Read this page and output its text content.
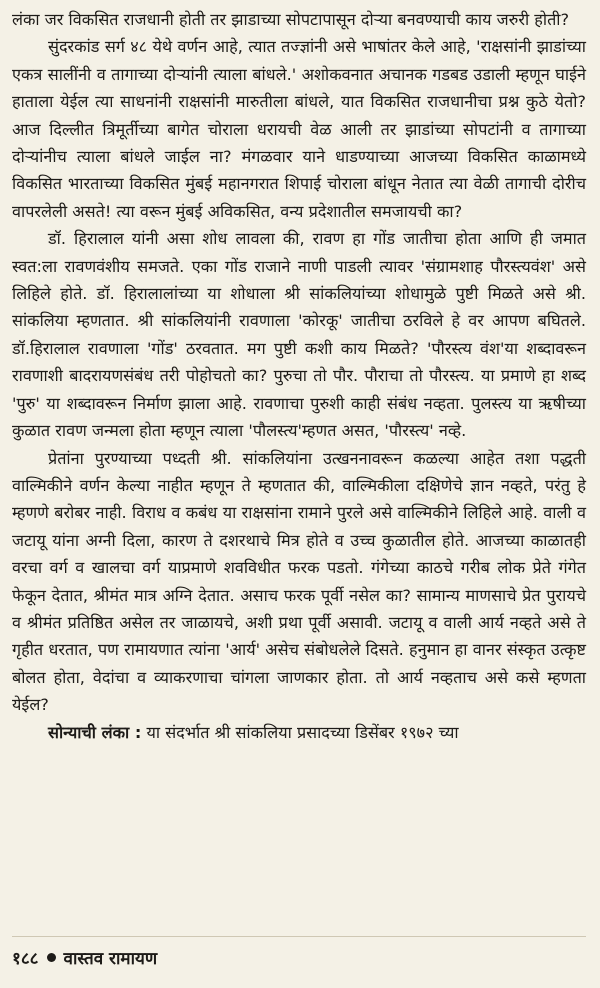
लंका जर विकसित राजधानी होती तर झाडाच्या सोपटापासून दोऱ्या बनवण्याची काय जरुरी होती?

सुंदरकांड सर्ग ४८ येथे वर्णन आहे, त्यात तज्ज्ञांनी असे भाषांतर केले आहे, 'राक्षसांनी झाडांच्या एकत्र सालींनी व तागाच्या दोऱ्यांनी त्याला बांधले.' अशोकवनात अचानक गडबड उडाली म्हणून घाईने हाताला येईल त्या साधनांनी राक्षसांनी मारुतीला बांधले, यात विकसित राजधानीचा प्रश्न कुठे येतो? आज दिल्लीत त्रिमूर्तीच्या बागेत चोराला धरायची वेळ आली तर झाडांच्या सोपटांनी व तागाच्या दोऱ्यांनीच त्याला बांधले जाईल ना? मंगळवार याने धाडण्याच्या आजच्या विकसित काळामध्ये विकसित भारताच्या विकसित मुंबई महानगरात शिपाई चोराला बांधून नेतात त्या वेळी तागाची दोरीच वापरलेली असते! त्या वरून मुंबई अविकसित, वन्य प्रदेशातील समजायची का?

डॉ. हिरालाल यांनी असा शोध लावला की, रावण हा गोंड जातीचा होता आणि ही जमात स्वत:ला रावणवंशीय समजते. एका गोंड राजाने नाणी पाडली त्यावर 'संग्रामशाह पौरस्त्यवंश' असे लिहिले होते. डॉ. हिरालालांच्या या शोधाला श्री सांकलियांच्या शोधामुळे पुष्टी मिळते असे श्री. सांकलिया म्हणतात. श्री सांकलियांनी रावणाला 'कोरकू' जातीचा ठरविले हे वर आपण बघितले. डॉ.हिरालाल रावणाला 'गोंड' ठरवतात. मग पुष्टी कशी काय मिळते? 'पौरस्त्य वंश'या शब्दावरून रावणाशी बादरायणसंबंध तरी पोहोचतो का? पुरुचा तो पौर. पौराचा तो पौरस्त्य. या प्रमाणे हा शब्द 'पुरु' या शब्दावरून निर्माण झाला आहे. रावणाचा पुरुशी काही संबंध नव्हता. पुलस्त्य या ऋषीच्या कुळात रावण जन्मला होता म्हणून त्याला 'पौलस्त्य'म्हणत असत, 'पौरस्त्य' नव्हे.

प्रेतांना पुरण्याच्या पध्दती श्री. सांकलियांना उत्खननावरून कळल्या आहेत तशा पद्धती वाल्मिकीने वर्णन केल्या नाहीत म्हणून ते म्हणतात की, वाल्मिकीला दक्षिणेचे ज्ञान नव्हते, परंतु हे म्हणणे बरोबर नाही. विराध व कबंध या राक्षसांना रामाने पुरले असे वाल्मिकीने लिहिले आहे. वाली व जटायू यांना अग्नी दिला, कारण ते दशरथाचे मित्र होते व उच्च कुळातील होते. आजच्या काळातही वरचा वर्ग व खालचा वर्ग याप्रमाणे शवविधीत फरक पडतो. गंगेच्या काठचे गरीब लोक प्रेते गंगेत फेकून देतात, श्रीमंत मात्र अग्नि देतात. असाच फरक पूर्वी नसेल का? सामान्य माणसाचे प्रेत पुरायचे व श्रीमंत प्रतिष्ठित असेल तर जाळायचे, अशी प्रथा पूर्वी असावी. जटायू व वाली आर्य नव्हते असे ते गृहीत धरतात, पण रामायणात त्यांना 'आर्य' असेच संबोधलेले दिसते. हनुमान हा वानर संस्कृत उत्कृष्ट बोलत होता, वेदांचा व व्याकरणाचा चांगला जाणकार होता. तो आर्य नव्हताच असे कसे म्हणता येईल?

सोन्याची लंका : या संदर्भात श्री सांकलिया प्रसादच्या डिसेंबर १९७२ च्या

१८८ वास्तव रामायण
